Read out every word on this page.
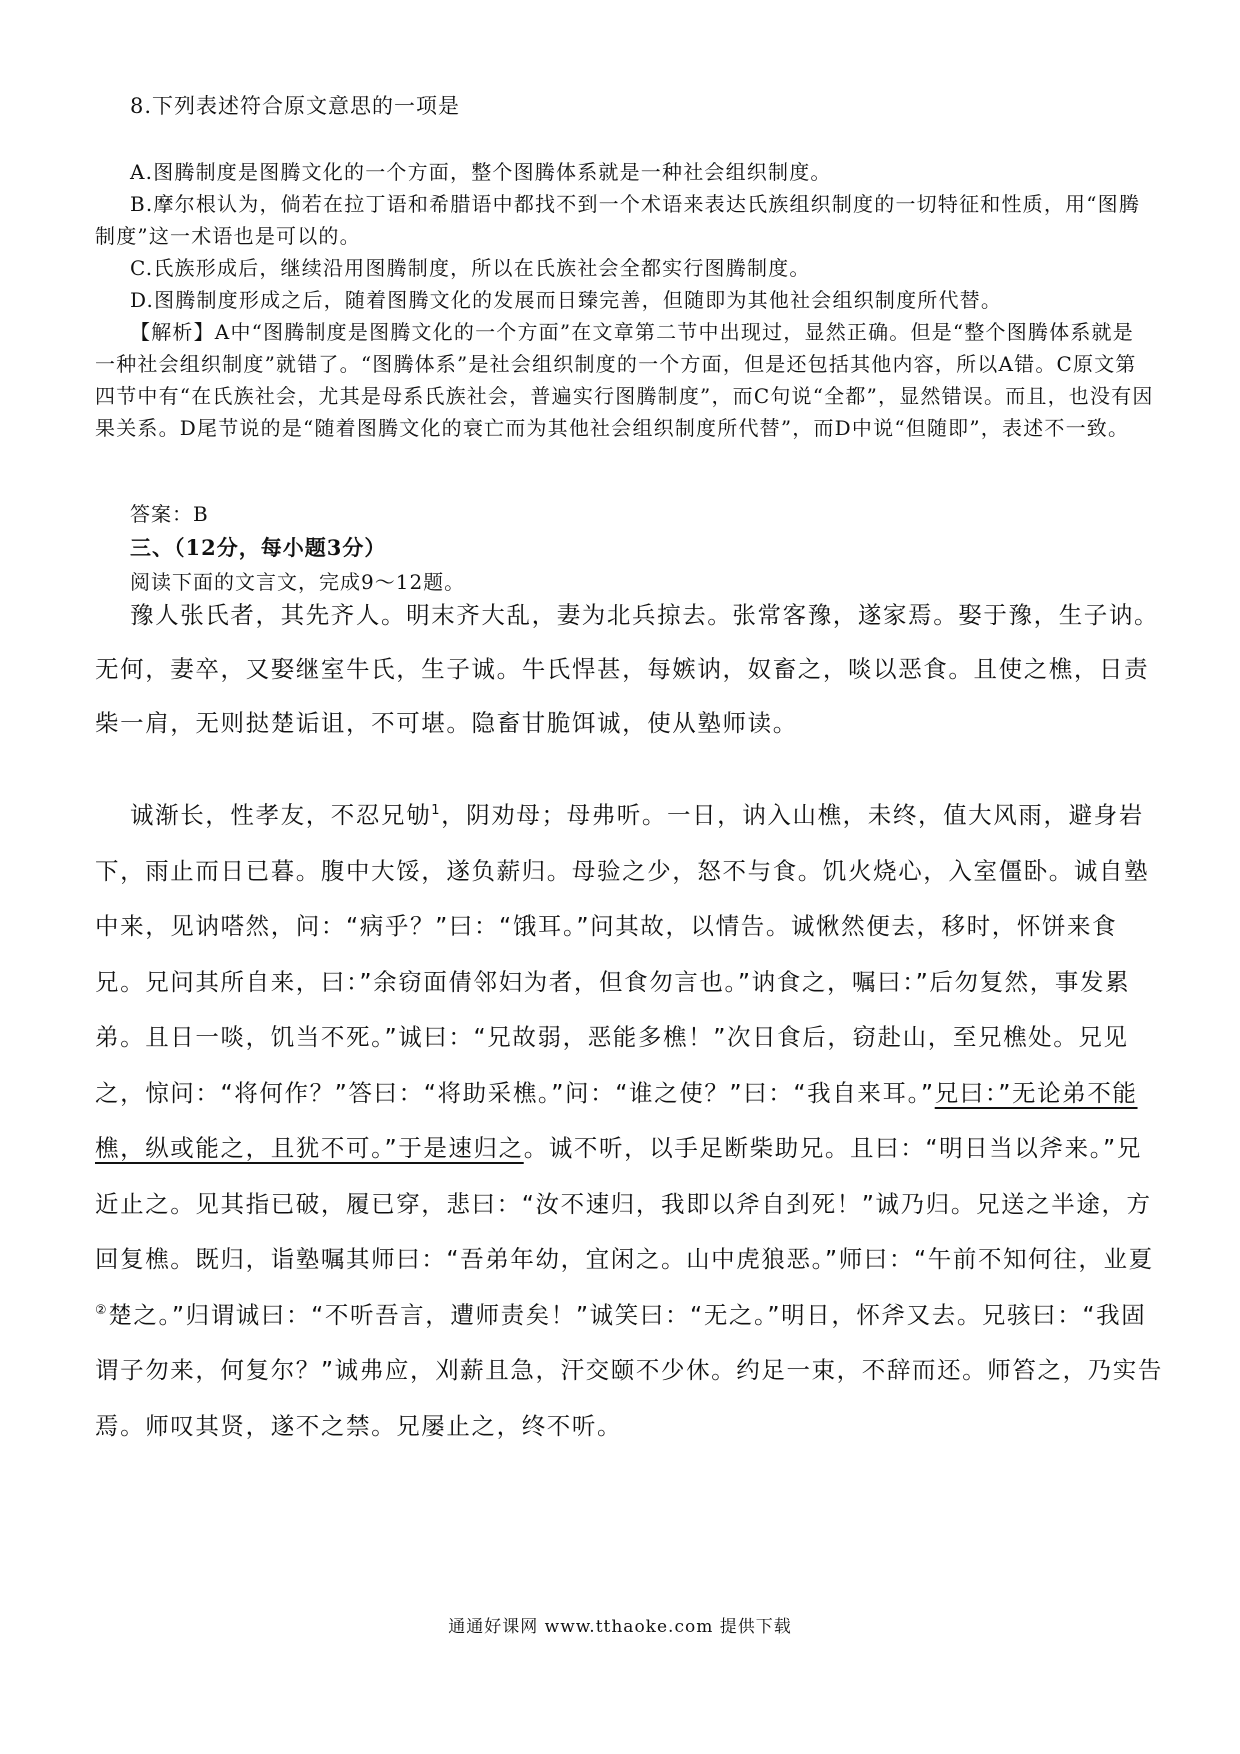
8.下列表述符合原文意思的一项是

A.图腾制度是图腾文化的一个方面，整个图腾体系就是一种社会组织制度。

B.摩尔根认为，倘若在拉丁语和希腊语中都找不到一个术语来表达氏族组织制度的一切特征和性质，用“图腾制度”这一术语也是可以的。

C.氏族形成后，继续沿用图腾制度，所以在氏族社会全都实行图腾制度。

D.图腾制度形成之后，随着图腾文化的发展而日臻完善，但随即为其他社会组织制度所代替。

【解析】A中“图腾制度是图腾文化的一个方面”在文章第二节中出现过，显然正确。但是“整个图腾体系就是一种社会组织制度”就错了。“图腾体系”是社会组织制度的一个方面，但是还包括其他内容，所以A错。C原文第四节中有“在氏族社会，尤其是母系氏族社会，普遍实行图腾制度”，而C句说“全都”，显然错误。而且，也没有因果关系。D尾节说的是“随着图腾文化的衰亡而为其他社会组织制度所代替”，而D中说“但随即”，表述不一致。

答案：B
三、（12分，每小题3分）
阅读下面的文言文，完成9～12题。

豫人张氏者，其先齐人。明末齐大乱，妻为北兵掠去。张常客豫，遂家焉。娶于豫，生子讷。无何，妻卒，又娶继室牛氏，生子诚。牛氏悍甚，每嫉讷，奴畜之，啖以恶食。且使之樵，日责柴一肩，无则挞楚诟诅，不可堪。隐畜甘脆饵诚，使从塾师读。

诚渐长，性孝友，不忍兄劬$^1$，阴劝母；母弗听。一日，讷入山樵，未终，值大风雨，避身岩下，雨止而日已暮。腹中大馁，遂负薪归。母验之少，怒不与食。饥火烧心，入室僵卧。诚自塾中来，见讷嗒然，问：“病乎？”曰：“饿耳。”问其故，以情告。诚愀然便去，移时，怀饼来食兄。兄问其所自来，曰：”余窃面倩邻妇为者，但食勿言也。”讷食之，嘱曰：”后勿复然，事发累弟。且日一啖，饥当不死。”诚曰：“兄故弱，恶能多樵！”次日食后，窃赴山，至兄樵处。兄见之，惊问：“将何作？”答曰：“将助采樵。”问：“谁之使？”曰：“我自来耳。”兄曰：”无论弟不能樵，纵或能之，且犹不可。”于是速归之。诚不听，以手足断柴助兄。且曰：“明日当以斧来。”兄近止之。见其指已破，履已穿，悲曰：“汝不速归，我即以斧自刭死！”诚乃归。兄送之半途，方回复樵。既归，诣塾嘱其师曰：“吾弟年幼，宜闲之。山中虎狼恶。”师曰：“午前不知何往，业夏②楚之。”归谓诚曰：“不听吾言，遭师责矣！”诚笑曰：“无之。”明日，怀斧又去。兄骇曰：“我固谓子勿来，何复尔？”诚弗应，刈薪且急，汗交颐不少休。约足一束，不辞而还。师笞之，乃实告焉。师叹其贤，遂不之禁。兄屡止之，终不听。

通通好课网 www.tthaoke.com 提供下载
